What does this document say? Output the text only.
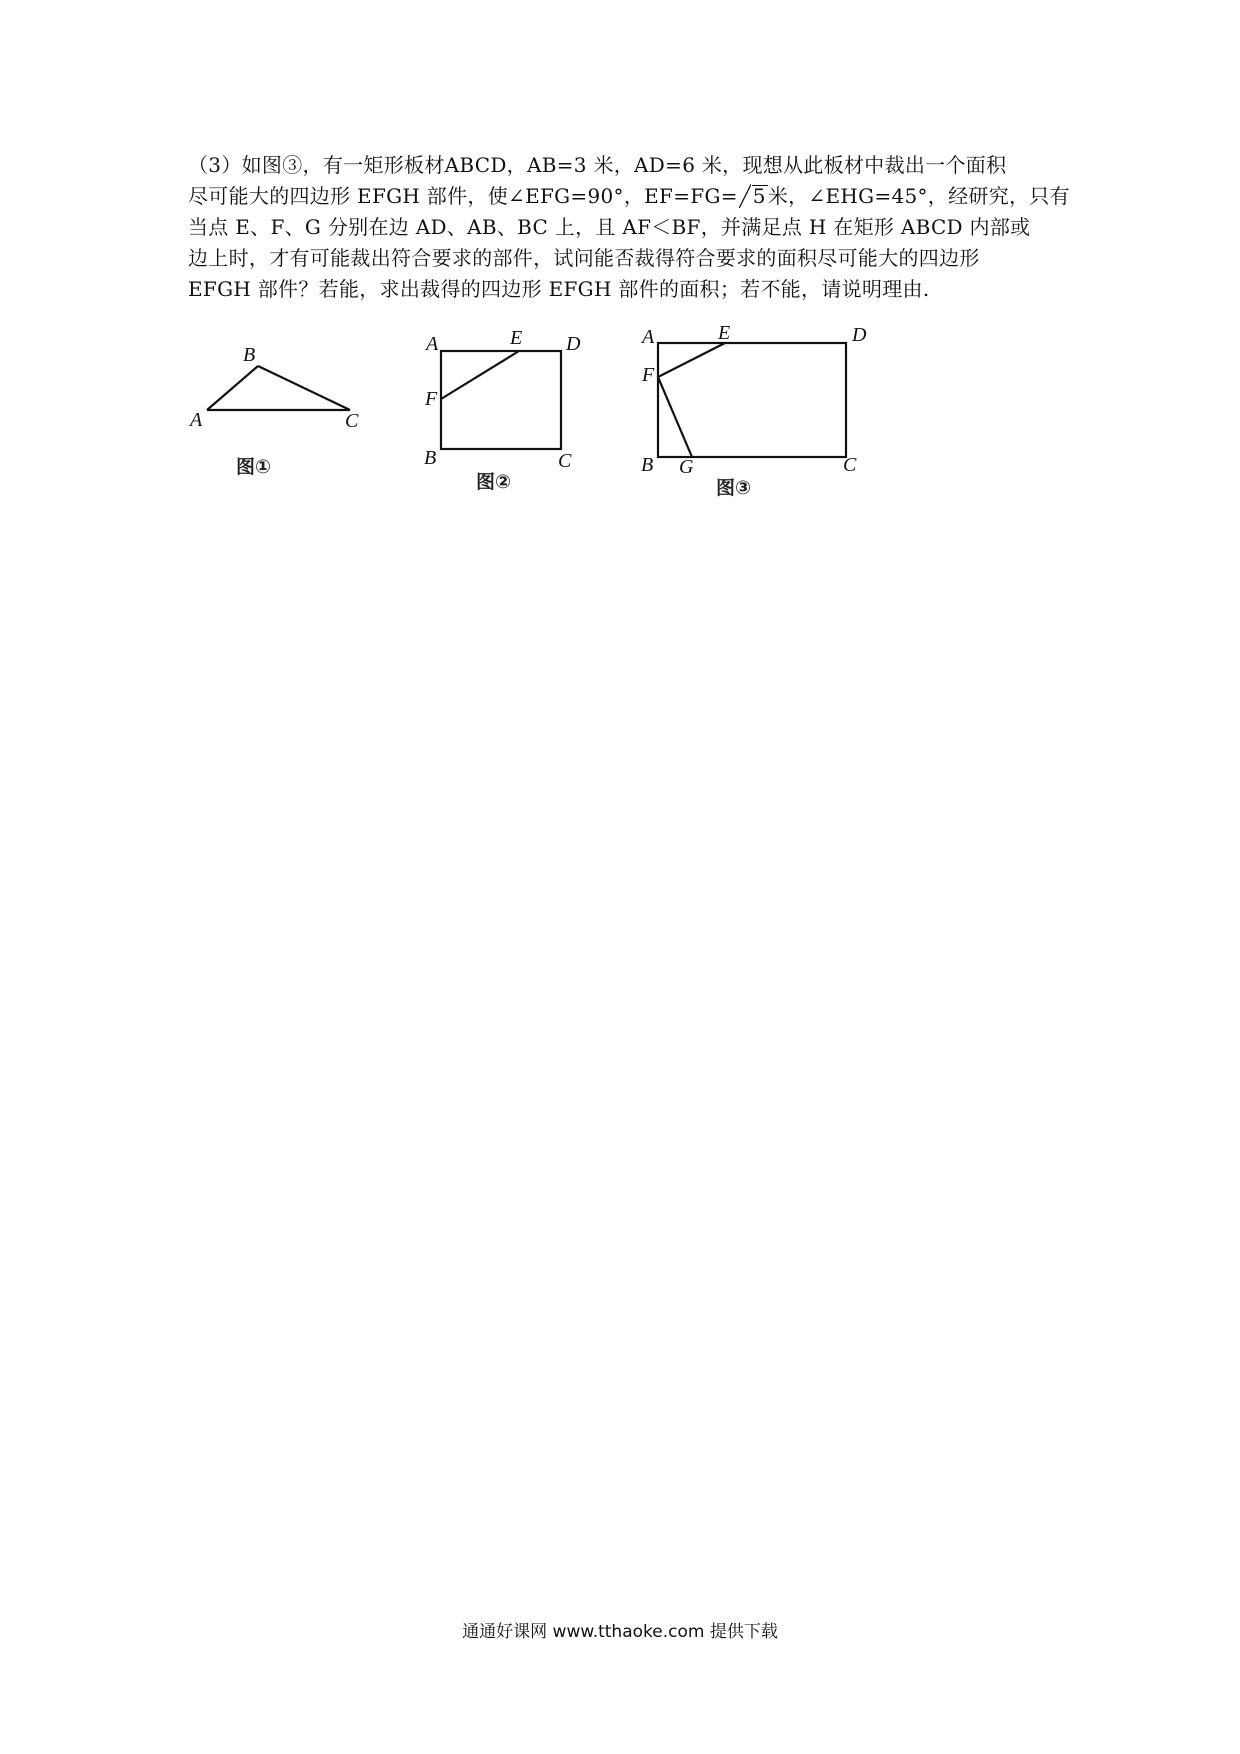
（3）如图③，有一矩形板材ABCD，AB=3 米，AD=6 米，现想从此板材中裁出一个面积

尽可能大的四边形 EFGH 部件，使∠EFG=90°，EF=FG= 5 米，∠EHG=45°，经研究，只有

当点 E、F、G 分别在边 AD、AB、BC 上，且 AF＜BF，并满足点 H 在矩形 ABCD 内部或

边上时，才有可能裁出符合要求的部件，试问能否裁得符合要求的面积尽可能大的四边形

EFGH 部件？若能，求出裁得的四边形 EFGH 部件的面积；若不能，请说明理由.

B
A	C
图①
A	E D
F
B	C
图②
A	E	D
F
B G	C
图③
通通好课网 www.tthaoke.com 提供下载
